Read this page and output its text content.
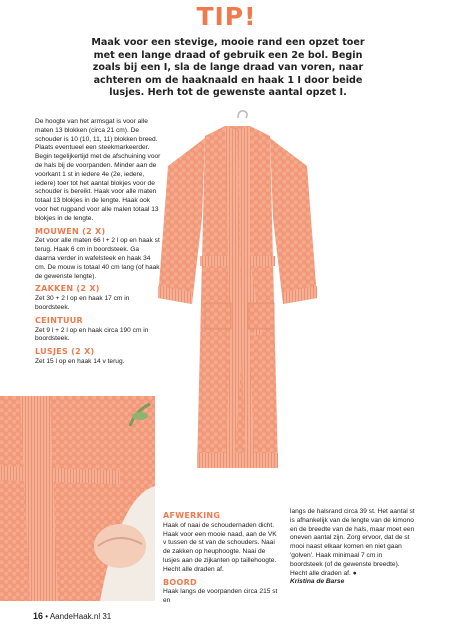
TIP!
Maak voor een stevige, mooie rand een opzet toer met een lange draad of gebruik een 2e bol. Begin zoals bij een I, sla de lange draad van voren, naar achteren om de haaknaald en haak 1 I door beide lusjes. Herh tot de gewenste aantal opzet I.

De hoogte van het armsgat is voor alle maten 13 blokken (circa 21 cm). De schouder is 10 (10, 11, 11) blokken breed. Plaats eventueel een steekmarkeerder. Begin tegelijkertijd met de afschuining voor de hals bij de voorpanden. Minder aan de voorkant 1 st in iedere 4e (2e, iedere, iedere) toer tot het aantal blokjes voor de schouder is bereikt. Haak voor alle maten totaal 13 blokjes in de lengte. Haak ook voor het rugpand voor alle malen totaal 13 blokjes in de lengte.

MOUWEN (2 X)

Zet voor alle maten 66 l + 2 l op en haak st terug. Haak 6 cm in boordsteek. Ga daarna verder in wafelsteek en haak 34 cm. De mouw is totaal 40 cm lang (of haak de gewenste lengte).

ZAKKEN (2 X)

Zet 30 + 2 l op en haak 17 cm in boordsteek.

CEINTUUR

Zet 9 l + 2 l op en haak circa 190 cm in boordsteek.

LUSJES (2 X)

Zet 15 l op en haak 14 v terug.

AFWERKING

Haak of naai de schoudernaden dicht. Haak voor een mooie naad, aan de VK v tussen de st van de schouders. Naai de zakken op heuphoogte. Naai de lusjes aan de zijkanten op taillehoogte. Hecht alle draden af.

BOORD

Haak langs de voorpanden circa 215 st en

langs de halsrand circa 39 st. Het aantal st is afhankelijk van de lengte van de kimono en de breedte van de hals, maar moet een oneven aantal zijn. Zorg ervoor, dat de st mooi naast elkaar komen en niet gaan 'golven'. Haak minimaal 7 cm in boordsteek (of de gewenste breedte). Hecht alle draden af. ●

Kristina de Barse

16 • AandeHaak.nl 31
